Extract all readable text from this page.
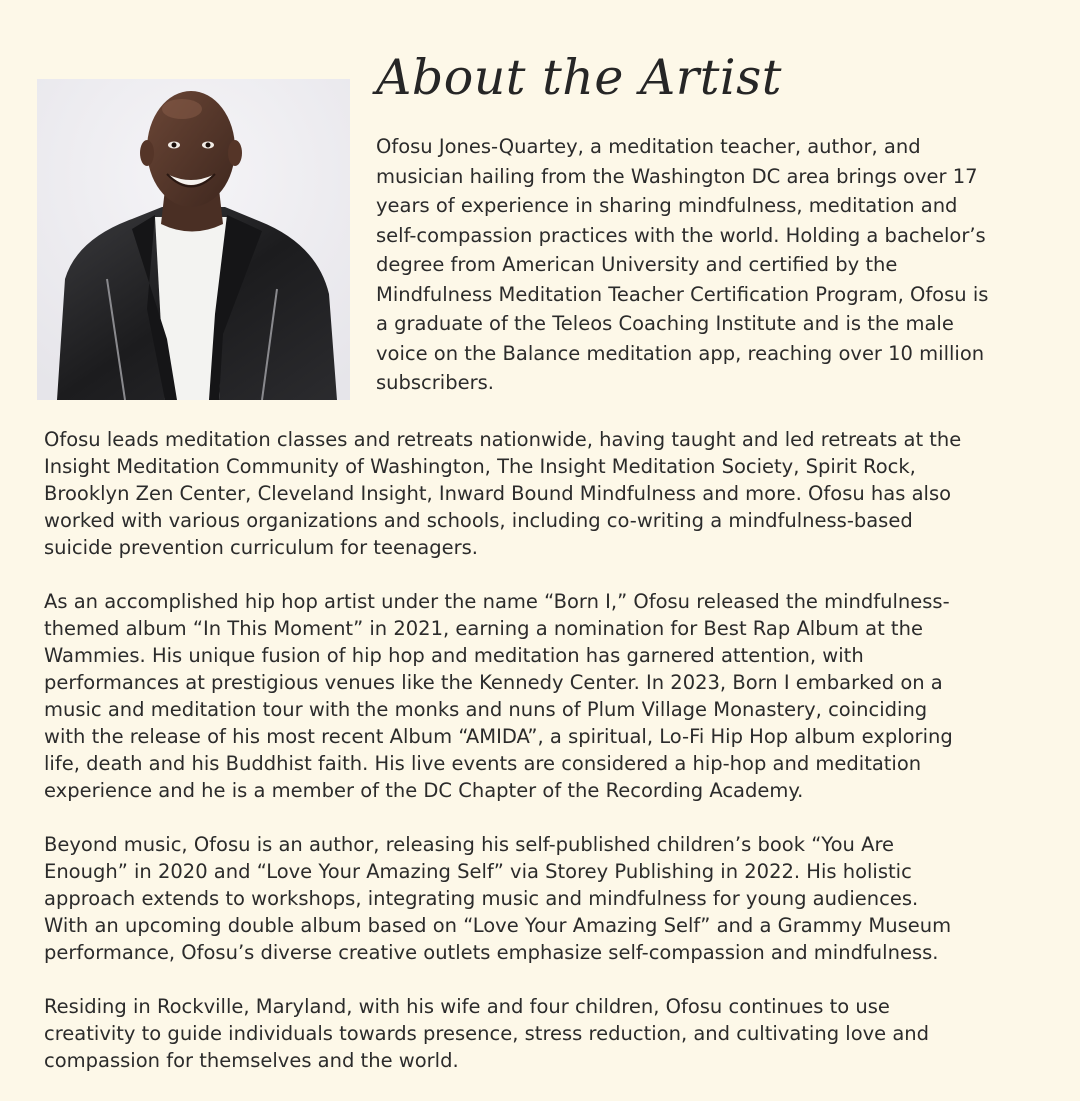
About the Artist

Ofosu Jones-Quartey, a meditation teacher, author, and
musician hailing from the Washington DC area brings over 17
years of experience in sharing mindfulness, meditation and
self-compassion practices with the world. Holding a bachelor’s
degree from American University and certified by the
Mindfulness Meditation Teacher Certification Program, Ofosu is
a graduate of the Teleos Coaching Institute and is the male
voice on the Balance meditation app, reaching over 10 million
subscribers.

Ofosu leads meditation classes and retreats nationwide, having taught and led retreats at the
Insight Meditation Community of Washington, The Insight Meditation Society, Spirit Rock,
Brooklyn Zen Center, Cleveland Insight, Inward Bound Mindfulness and more. Ofosu has also
worked with various organizations and schools, including co-writing a mindfulness-based
suicide prevention curriculum for teenagers.

As an accomplished hip hop artist under the name “Born I,” Ofosu released the mindfulness-
themed album “In This Moment” in 2021, earning a nomination for Best Rap Album at the
Wammies. His unique fusion of hip hop and meditation has garnered attention, with
performances at prestigious venues like the Kennedy Center. In 2023, Born I embarked on a
music and meditation tour with the monks and nuns of Plum Village Monastery, coinciding
with the release of his most recent Album “AMIDA”, a spiritual, Lo-Fi Hip Hop album exploring
life, death and his Buddhist faith. His live events are considered a hip-hop and meditation
experience and he is a member of the DC Chapter of the Recording Academy.

Beyond music, Ofosu is an author, releasing his self-published children’s book “You Are
Enough” in 2020 and “Love Your Amazing Self” via Storey Publishing in 2022. His holistic
approach extends to workshops, integrating music and mindfulness for young audiences.
With an upcoming double album based on “Love Your Amazing Self” and a Grammy Museum
performance, Ofosu’s diverse creative outlets emphasize self-compassion and mindfulness.

Residing in Rockville, Maryland, with his wife and four children, Ofosu continues to use
creativity to guide individuals towards presence, stress reduction, and cultivating love and
compassion for themselves and the world.
